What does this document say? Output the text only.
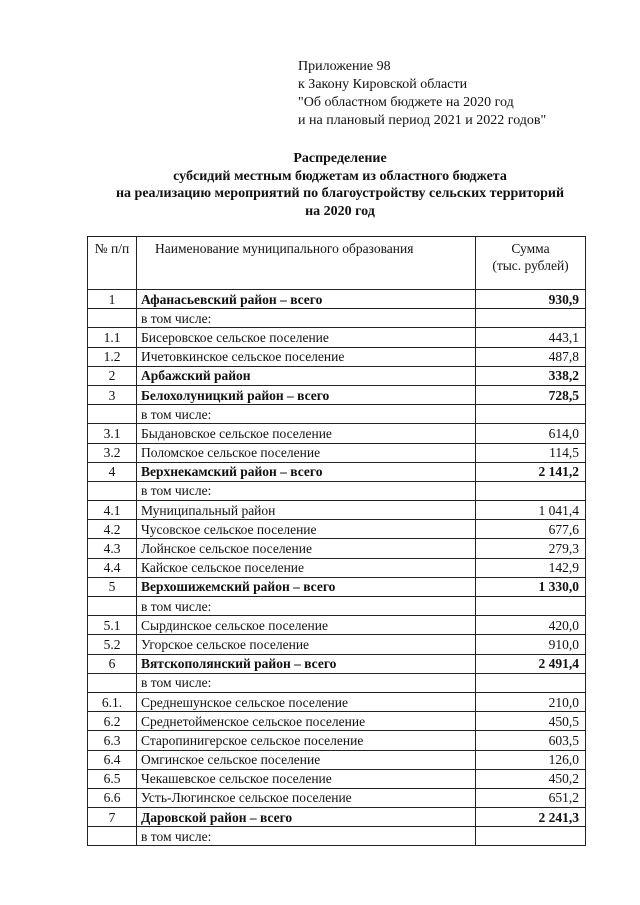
Приложение 98
к Закону Кировской области
"Об областном бюджете на 2020 год
и на плановый период 2021 и 2022 годов"
Распределение
субсидий местным бюджетам из областного бюджета
на реализацию мероприятий по благоустройству сельских территорий
на 2020 год
№ п/п	Наименование муниципального образования	Сумма
(тыс. рублей)

1	Афанасьевский район – всего	930,9
	в том числе:	
1.1	Бисеровское сельское поселение	443,1
1.2	Ичетовкинское сельское поселение	487,8
2	Арбажский район	338,2
3	Белохолуницкий район – всего	728,5
	в том числе:	
3.1	Быдановское сельское поселение	614,0
3.2	Поломское сельское поселение	114,5
4	Верхнекамский район – всего	2 141,2
	в том числе:	
4.1	Муниципальный район	1 041,4
4.2	Чусовское сельское поселение	677,6
4.3	Лойнское сельское поселение	279,3
4.4	Кайское сельское поселение	142,9
5	Верхошижемский район – всего	1 330,0
	в том числе:	
5.1	Сырдинское сельское поселение	420,0
5.2	Угорское сельское поселение	910,0
6	Вятскополянский район – всего	2 491,4
	в том числе:	
6.1.	Среднешунское сельское поселение	210,0
6.2	Среднетойменское сельское поселение	450,5
6.3	Старопинигерское сельское поселение	603,5
6.4	Омгинское сельское поселение	126,0
6.5	Чекашевское сельское поселение	450,2
6.6	Усть-Люгинское сельское поселение	651,2
7	Даровской район – всего	2 241,3
	в том числе:	
